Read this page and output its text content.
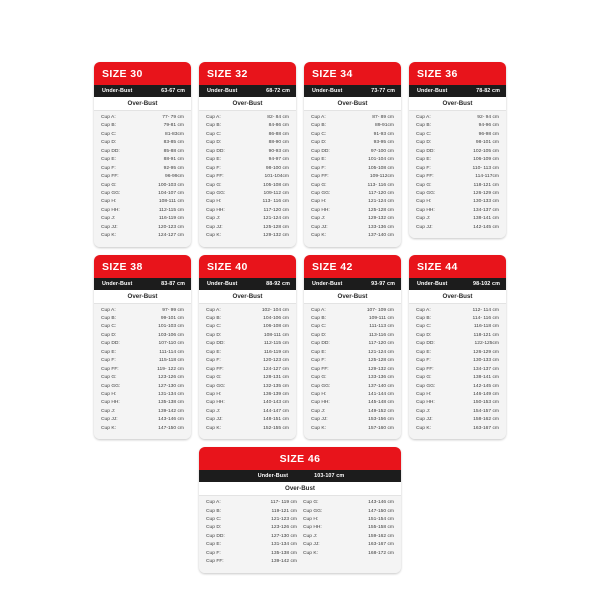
SIZE 30
Under-Bust	63-67 cm
Over-Bust
Cup A:	77- 79 cm
Cup B:	79-81 cm
Cup C:	81-83cm
Cup D:	83-85 cm
Cup DD:	85-88 cm
Cup E:	88-91 cm
Cup F:	92-95 cm
Cup FF:	96-99cm
Cup G:	100-103 cm
Cup GG:	104-107 cm
Cup H:	108-111 cm
Cup HH:	112-115 cm
Cup J:	116-119 cm
Cup JJ:	120-123 cm
Cup K:	124-127 cm
SIZE 32
Under-Bust	68-72 cm
Over-Bust
Cup A:	82- 84 cm
Cup B:	84-86 cm
Cup C:	86-88 cm
Cup D:	88-90 cm
Cup DD:	90-93 cm
Cup E:	94-97 cm
Cup F:	98-100 cm
Cup FF:	101-104cm
Cup G:	105-108 cm
Cup GG:	109-112 cm
Cup H:	113- 116 cm
Cup HH:	117-120 cm
Cup J:	121-124 cm
Cup JJ:	125-128 cm
Cup K:	129-132 cm
SIZE 34
Under-Bust	73-77 cm
Over-Bust
Cup A:	87- 89 cm
Cup B:	89-91cm
Cup C:	91-93 cm
Cup D:	93-95 cm
Cup DD:	97-100 cm
Cup E:	101-104 cm
Cup F:	105-108 cm
Cup FF:	109-112cm
Cup G:	113- 116 cm
Cup GG:	117-120 cm
Cup H:	121-124 cm
Cup HH:	125-128 cm
Cup J:	129-132 cm
Cup JJ:	133-136 cm
Cup K:	137-140 cm
SIZE 36
Under-Bust	78-82 cm
Over-Bust
Cup A:	92- 94 cm
Cup B:	94-96 cm
Cup C:	96-98 cm
Cup D:	98-101 cm
Cup DD:	102-105 cm
Cup E:	106-109 cm
Cup F:	110- 113 cm
Cup FF:	114-117cm
Cup G:	118-121 cm
Cup GG:	126-129 cm
Cup H:	130-133 cm
Cup HH:	134-137 cm
Cup J:	138-141 cm
Cup JJ:	142-145 cm
SIZE 38
Under-Bust	83-87 cm
Over-Bust
Cup A:	97- 99 cm
Cup B:	99-101 cm
Cup C:	101-103 cm
Cup D:	103-106 cm
Cup DD:	107-110 cm
Cup E:	111-114 cm
Cup F:	115-118 cm
Cup FF:	119- 122 cm
Cup G:	123-126 cm
Cup GG:	127-130 cm
Cup H:	131-134 cm
Cup HH:	135-138 cm
Cup J:	139-142 cm
Cup JJ:	143-146 cm
Cup K:	147-150 cm
SIZE 40
Under-Bust	88-92 cm
Over-Bust
Cup A:	102- 104 cm
Cup B:	104-106 cm
Cup C:	106-108 cm
Cup D:	108-111 cm
Cup DD:	112-115 cm
Cup E:	116-119 cm
Cup F:	120-123 cm
Cup FF:	124-127 cm
Cup G:	128-131 cm
Cup GG:	132-135 cm
Cup H:	136-139 cm
Cup HH:	140-143 cm
Cup J:	144-147 cm
Cup JJ:	148-151 cm
Cup K:	152-155 cm
SIZE 42
Under-Bust	93-97 cm
Over-Bust
Cup A:	107- 109 cm
Cup B:	109-111 cm
Cup C:	111-113 cm
Cup D:	113-116 cm
Cup DD:	117-120 cm
Cup E:	121-124 cm
Cup F:	125-128 cm
Cup FF:	129-132 cm
Cup G:	133-136 cm
Cup GG:	137-140 cm
Cup H:	141-144 cm
Cup HH:	145-148 cm
Cup J:	149-152 cm
Cup JJ:	153-156 cm
Cup K:	157-160 cm
SIZE 44
Under-Bust	98-102 cm
Over-Bust
Cup A:	112- 114 cm
Cup B:	114- 116 cm
Cup C:	116-118 cm
Cup D:	118-121 cm
Cup DD:	122-125cm
Cup E:	126-129 cm
Cup F:	130-133 cm
Cup FF:	134-137 cm
Cup G:	138-141 cm
Cup GG:	142-145 cm
Cup H:	146-149 cm
Cup HH:	150-153 cm
Cup J:	154-157 cm
Cup JJ:	158-162 cm
Cup K:	163-167 cm
SIZE 46
Under-Bust	103-107 cm
Over-Bust
Cup A:	117- 119 cm
Cup B:	119-121 cm
Cup C:	121-123 cm
Cup D:	123-126 cm
Cup DD:	127-130 cm
Cup E:	131-134 cm
Cup F:	135-138 cm
Cup FF:	139-142 cm
Cup G:	143-146 cm
Cup GG:	147-150 cm
Cup H:	151-154 cm
Cup HH:	155-158 cm
Cup J:	159-162 cm
Cup JJ:	163-167 cm
Cup K:	168-172 cm
